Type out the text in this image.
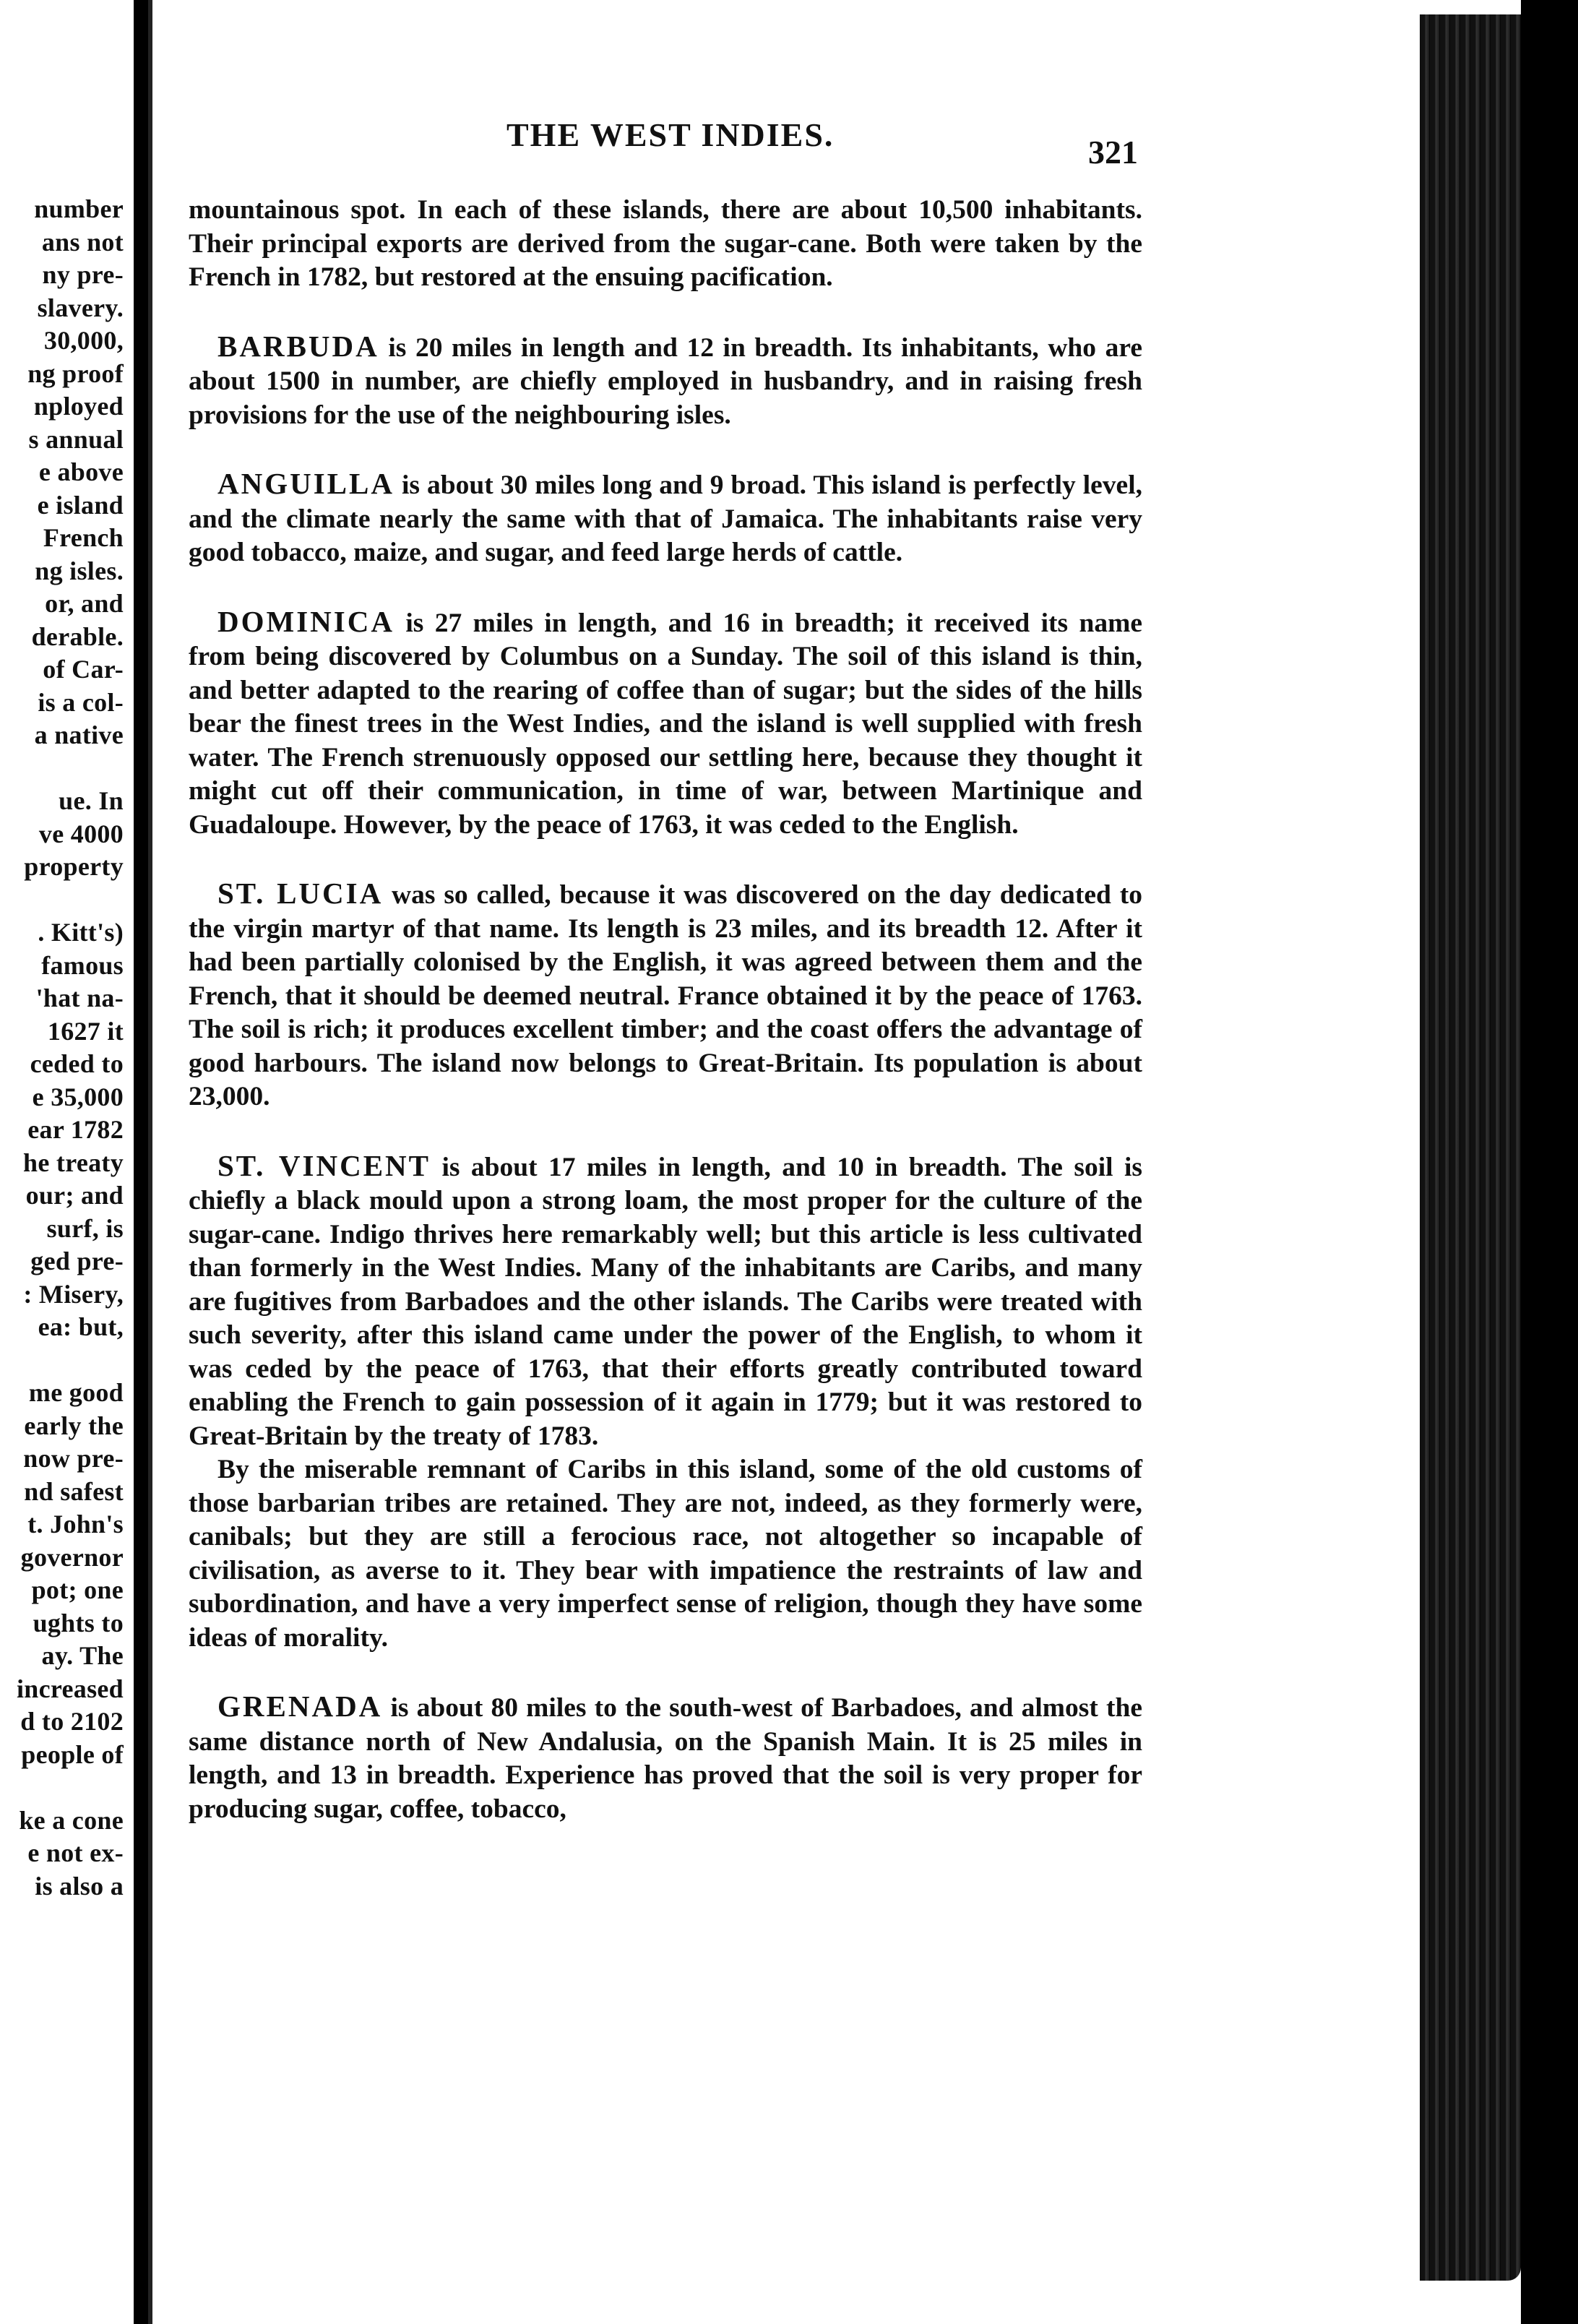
number
ans not
ny pre-
slavery.
30,000,
ng proof
nployed
s annual
e above
e island
French
ng isles.
or, and
derable.
of Car-
is a col-
a native
ue. In
ve 4000
property
. Kitt's)
famous
'hat na-
1627 it
ceded to
e 35,000
ear 1782
he treaty
our; and
surf, is
ged pre-
: Misery,
ea: but,
me good
early the
now pre-
nd safest
t. John's
governor
pot; one
ughts to
ay. The
increased
d to 2102
people of
ke a cone
e not ex-
is also a
THE WEST INDIES.	321

mountainous spot. In each of these islands, there are about 10,500 inhabitants. Their principal exports are derived from the sugar-cane. Both were taken by the French in 1782, but restored at the ensuing pacification.

BARBUDA is 20 miles in length and 12 in breadth. Its inhabitants, who are about 1500 in number, are chiefly employed in husbandry, and in raising fresh provisions for the use of the neighbouring isles.

ANGUILLA is about 30 miles long and 9 broad. This island is perfectly level, and the climate nearly the same with that of Jamaica. The inhabitants raise very good tobacco, maize, and sugar, and feed large herds of cattle.

DOMINICA is 27 miles in length, and 16 in breadth; it received its name from being discovered by Columbus on a Sunday. The soil of this island is thin, and better adapted to the rearing of coffee than of sugar; but the sides of the hills bear the finest trees in the West Indies, and the island is well supplied with fresh water. The French strenuously opposed our settling here, because they thought it might cut off their communication, in time of war, between Martinique and Guadaloupe. However, by the peace of 1763, it was ceded to the English.

ST. LUCIA was so called, because it was discovered on the day dedicated to the virgin martyr of that name. Its length is 23 miles, and its breadth 12. After it had been partially colonised by the English, it was agreed between them and the French, that it should be deemed neutral. France obtained it by the peace of 1763. The soil is rich; it produces excellent timber; and the coast offers the advantage of good harbours. The island now belongs to Great-Britain. Its population is about 23,000.

ST. VINCENT is about 17 miles in length, and 10 in breadth. The soil is chiefly a black mould upon a strong loam, the most proper for the culture of the sugar-cane. Indigo thrives here remarkably well; but this article is less cultivated than formerly in the West Indies. Many of the inhabitants are Caribs, and many are fugitives from Barbadoes and the other islands. The Caribs were treated with such severity, after this island came under the power of the English, to whom it was ceded by the peace of 1763, that their efforts greatly contributed toward enabling the French to gain possession of it again in 1779; but it was restored to Great-Britain by the treaty of 1783.

By the miserable remnant of Caribs in this island, some of the old customs of those barbarian tribes are retained. They are not, indeed, as they formerly were, canibals; but they are still a ferocious race, not altogether so incapable of civilisation, as averse to it. They bear with impatience the restraints of law and subordination, and have a very imperfect sense of religion, though they have some ideas of morality.

GRENADA is about 80 miles to the south-west of Barbadoes, and almost the same distance north of New Andalusia, on the Spanish Main. It is 25 miles in length, and 13 in breadth. Experience has proved that the soil is very proper for producing sugar, coffee, tobacco,
